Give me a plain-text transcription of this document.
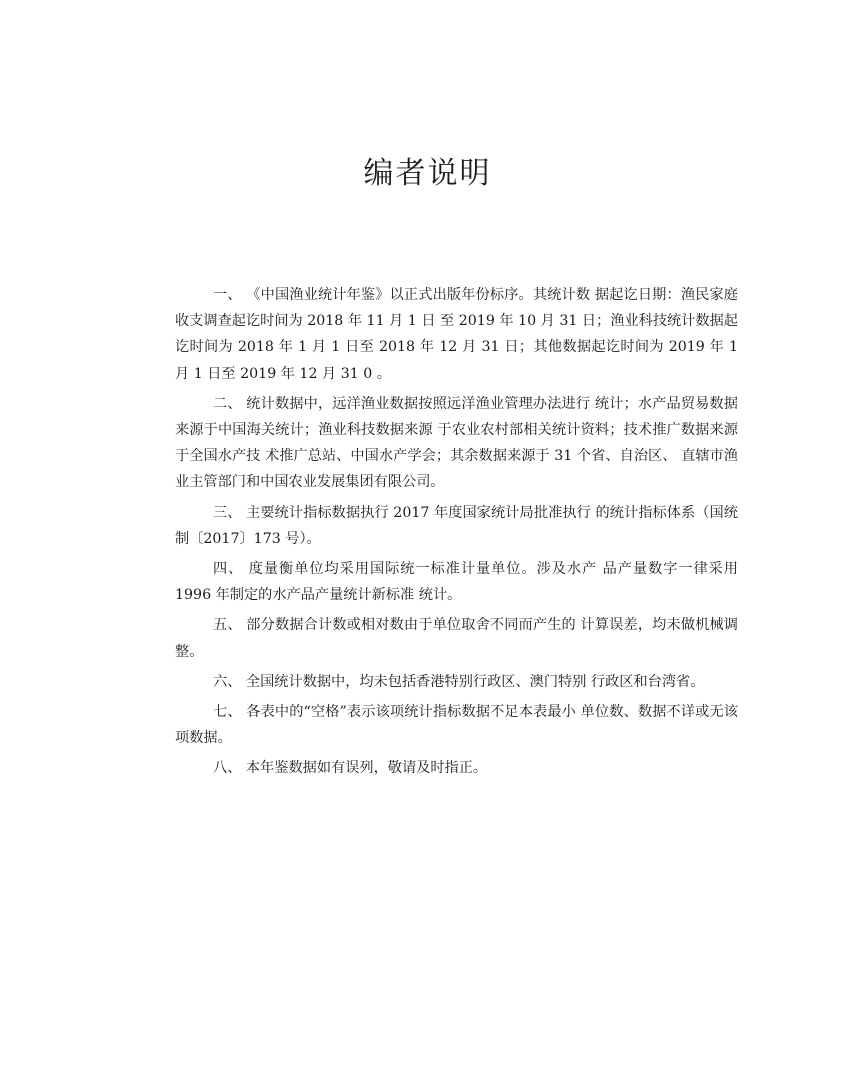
编者说明

一、 《中国渔业统计年鉴》以正式出版年份标序。其统计数 据起讫日期：渔民家庭收支调查起讫时间为 2018 年 11 月 1 日 至 2019 年 10 月 31 日；渔业科技统计数据起讫时间为 2018 年 1 月 1 日至 2018 年 12 月 31 日；其他数据起讫时间为 2019 年 1 月 1 日至 2019 年 12 月 31 0 。

二、 统计数据中，远洋渔业数据按照远洋渔业管理办法进行 统计；水产品贸易数据来源于中国海关统计；渔业科技数据来源 于农业农村部相关统计资料；技术推广数据来源于全国水产技 术推广总站、中国水产学会；其余数据来源于 31 个省、自治区、 直辖市渔业主管部门和中国农业发展集团有限公司。

三、 主要统计指标数据执行 2017 年度国家统计局批准执行 的统计指标体系（国统制〔2017〕173 号）。

四、 度量衡单位均采用国际统一标准计量单位。涉及水产 品产量数字一律采用 1996 年制定的水产品产量统计新标准 统计。

五、 部分数据合计数或相对数由于单位取舍不同而产生的 计算误差，均未做机械调整。

六、 全国统计数据中，均未包括香港特别行政区、澳门特别 行政区和台湾省。

七、 各表中的“空格”表示该项统计指标数据不足本表最小 单位数、数据不详或无该项数据。

八、 本年鉴数据如有误列，敬请及时指正。
